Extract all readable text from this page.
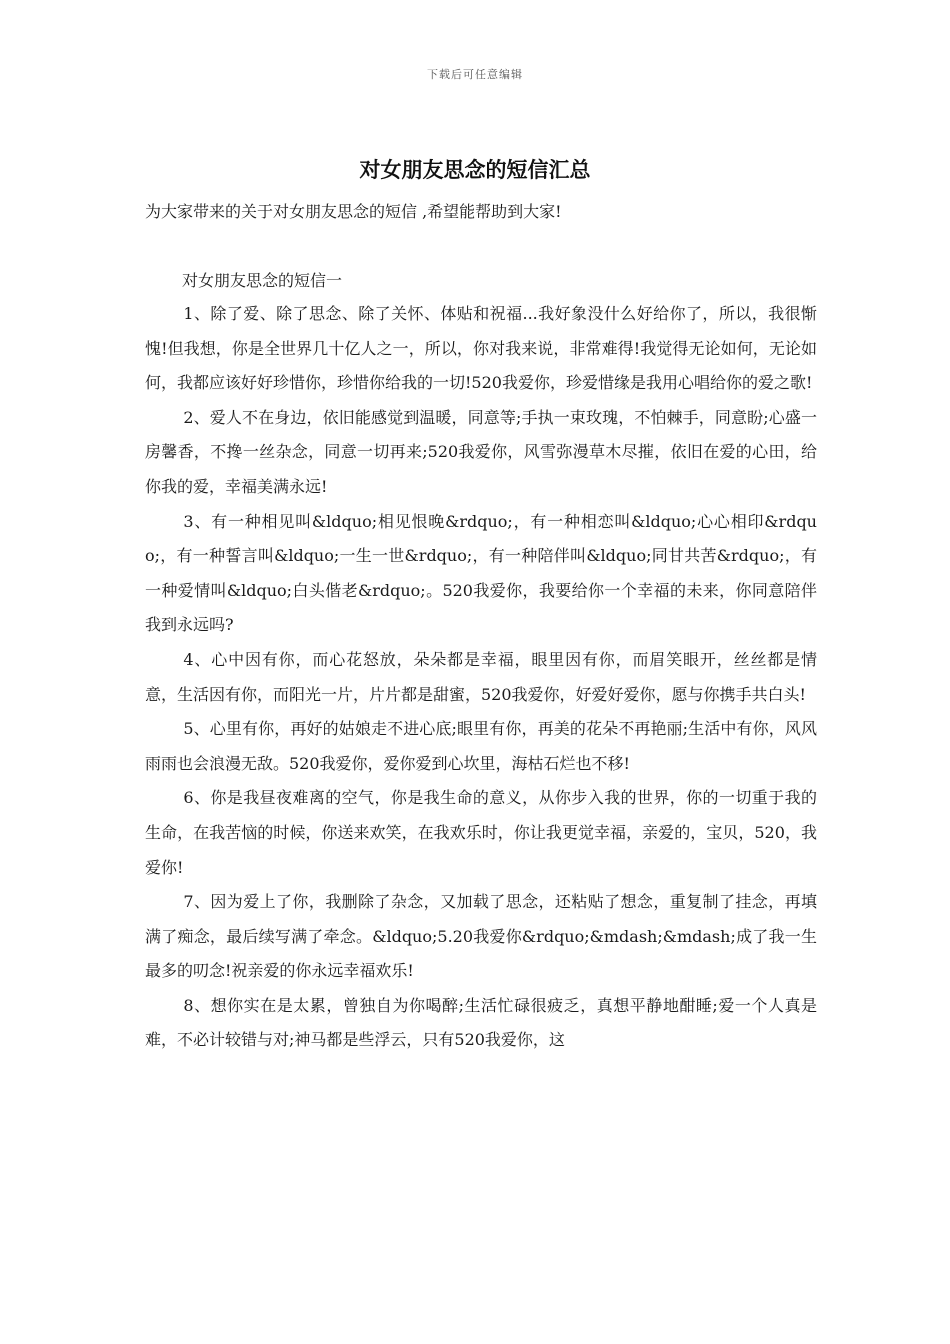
下载后可任意编辑
对女朋友思念的短信汇总
为大家带来的关于对女朋友思念的短信 ,希望能帮助到大家!
对女朋友思念的短信一

1、除了爱、除了思念、除了关怀、体贴和祝福...我好象没什么好给你了，所以，我很惭愧!但我想，你是全世界几十亿人之一，所以，你对我来说，非常难得!我觉得无论如何，无论如何，我都应该好好珍惜你，珍惜你给我的一切!520我爱你，珍爱惜缘是我用心唱给你的爱之歌!

2、爱人不在身边，依旧能感觉到温暖，同意等;手执一束玫瑰，不怕棘手，同意盼;心盛一房馨香，不搀一丝杂念，同意一切再来;520我爱你，风雪弥漫草木尽摧，依旧在爱的心田，给你我的爱，幸福美满永远!

3、有一种相见叫&ldquo;相见恨晚&rdquo;，有一种相恋叫&ldquo;心心相印&rdquo;，有一种誓言叫&ldquo;一生一世&rdquo;，有一种陪伴叫&ldquo;同甘共苦&rdquo;，有一种爱情叫&ldquo;白头偕老&rdquo;。520我爱你，我要给你一个幸福的未来，你同意陪伴我到永远吗?

4、心中因有你，而心花怒放，朵朵都是幸福，眼里因有你，而眉笑眼开，丝丝都是情意，生活因有你，而阳光一片，片片都是甜蜜，520我爱你，好爱好爱你，愿与你携手共白头!

5、心里有你，再好的姑娘走不进心底;眼里有你，再美的花朵不再艳丽;生活中有你，风风雨雨也会浪漫无敌。520我爱你，爱你爱到心坎里，海枯石烂也不移!

6、你是我昼夜难离的空气，你是我生命的意义，从你步入我的世界，你的一切重于我的生命，在我苦恼的时候，你送来欢笑，在我欢乐时，你让我更觉幸福，亲爱的，宝贝，520，我爱你!

7、因为爱上了你，我删除了杂念，又加载了思念，还粘贴了想念，重复制了挂念，再填满了痴念，最后续写满了牵念。&ldquo;5.20我爱你&rdquo;&mdash;&mdash;成了我一生最多的叨念!祝亲爱的你永远幸福欢乐!

8、想你实在是太累，曾独自为你喝醉;生活忙碌很疲乏，真想平静地酣睡;爱一个人真是难，不必计较错与对;神马都是些浮云，只有520我爱你，这
